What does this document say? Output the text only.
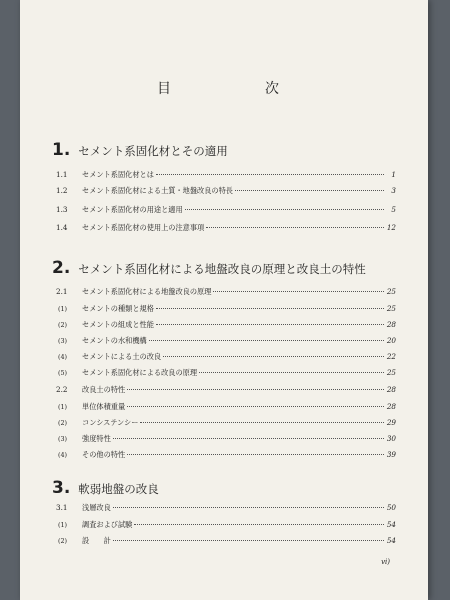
目　次
1. セメント系固化材とその適用
1.1	セメント系固化材とは	1
1.2	セメント系固化材による土質・地盤改良の特長	3
1.3	セメント系固化材の用途と適用	5
1.4	セメント系固化材の使用上の注意事項	12
2. セメント系固化材による地盤改良の原理と改良土の特性
2.1	セメント系固化材による地盤改良の原理	25
(1)	セメントの種類と規格	25
(2)	セメントの組成と性能	28
(3)	セメントの水和機構	20
(4)	セメントによる土の改良	22
(5)	セメント系固化材による改良の原理	25
2.2	改良土の特性	28
(1)	単位体積重量	28
(2)	コンシステンシー	29
(3)	強度特性	30
(4)	その他の特性	39
3. 軟弱地盤の改良
3.1	浅層改良	50
(1)	調査および試験	54
(2)	設　　計	54
vi)
